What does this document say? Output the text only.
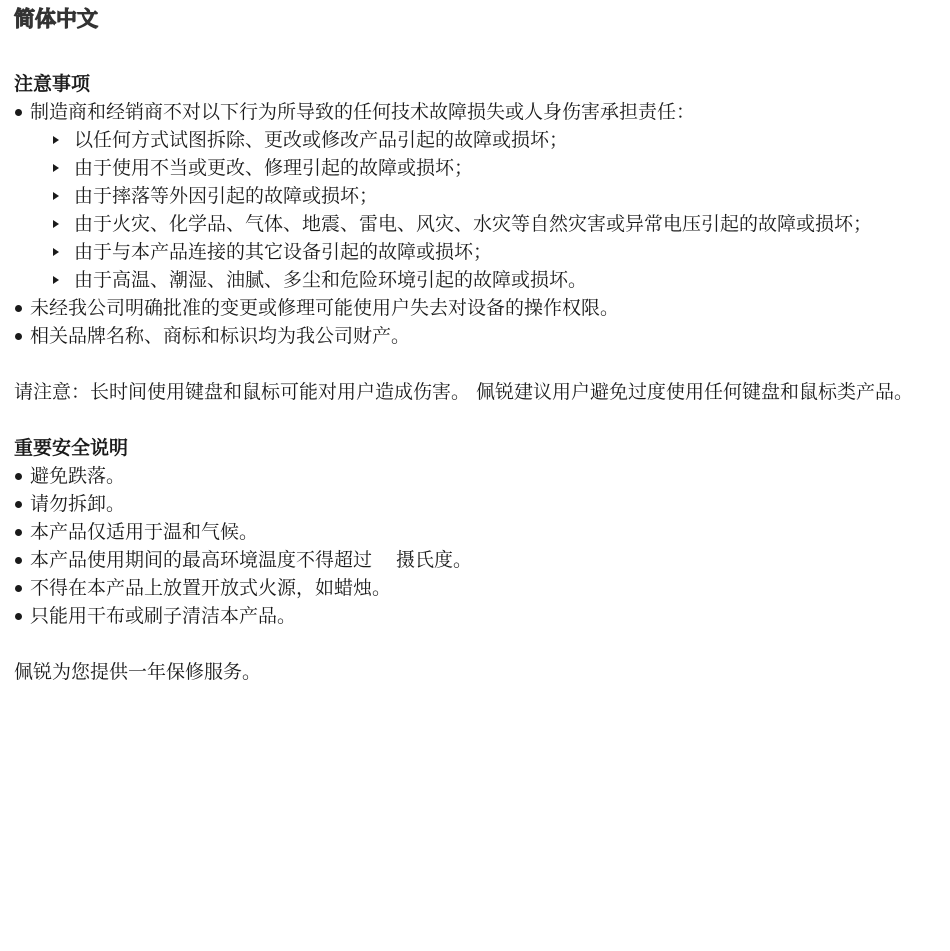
简体中文
注意事项
制造商和经销商不对以下行为所导致的任何技术故障损失或人身伤害承担责任：
以任何方式试图拆除、更改或修改产品引起的故障或损坏；
由于使用不当或更改、修理引起的故障或损坏；
由于摔落等外因引起的故障或损坏；
由于火灾、化学品、气体、地震、雷电、风灾、水灾等自然灾害或异常电压引起的故障或损坏；
由于与本产品连接的其它设备引起的故障或损坏；
由于高温、潮湿、油腻、多尘和危险环境引起的故障或损坏。
未经我公司明确批准的变更或修理可能使用户失去对设备的操作权限。
相关品牌名称、商标和标识均为我公司财产。

请注意：长时间使用键盘和鼠标可能对用户造成伤害。 佩锐建议用户避免过度使用任何键盘和鼠标类产品。

重要安全说明
避免跌落。
请勿拆卸。
本产品仅适用于温和气候。
本产品使用期间的最高环境温度不得超过 摄氏度。
不得在本产品上放置开放式火源，如蜡烛。
只能用干布或刷子清洁本产品。

佩锐为您提供一年保修服务。
